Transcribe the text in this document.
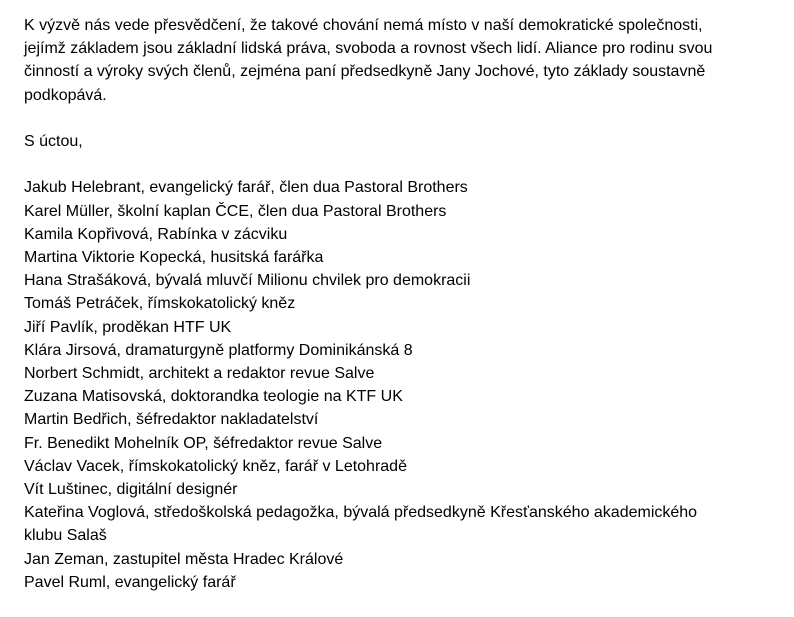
K výzvě nás vede přesvědčení, že takové chování nemá místo v naší demokratické společnosti,
jejímž základem jsou základní lidská práva, svoboda a rovnost všech lidí. Aliance pro rodinu svou
činností a výroky svých členů, zejména paní předsedkyně Jany Jochové, tyto základy soustavně
podkopává.

S úctou,

Jakub Helebrant, evangelický farář, člen dua Pastoral Brothers
Karel Müller, školní kaplan ČCE, člen dua Pastoral Brothers
Kamila Kopřivová, Rabínka v zácviku
Martina Viktorie Kopecká, husitská farářka
Hana Strašáková, bývalá mluvčí Milionu chvilek pro demokracii
Tomáš Petráček, římskokatolický kněz
Jiří Pavlík, proděkan HTF UK
Klára Jirsová, dramaturgyně platformy Dominikánská 8
Norbert Schmidt, architekt a redaktor revue Salve
Zuzana Matisovská, doktorandka teologie na KTF UK
Martin Bedřich, šéfredaktor nakladatelství
Fr. Benedikt Mohelník OP, šéfredaktor revue Salve
Václav Vacek, římskokatolický kněz, farář v Letohradě
Vít Luštinec, digitální designér
Kateřina Voglová, středoškolská pedagožka, bývalá předsedkyně Křesťanského akademického
klubu Salaš
Jan Zeman, zastupitel města Hradec Králové
Pavel Ruml, evangelický farář
